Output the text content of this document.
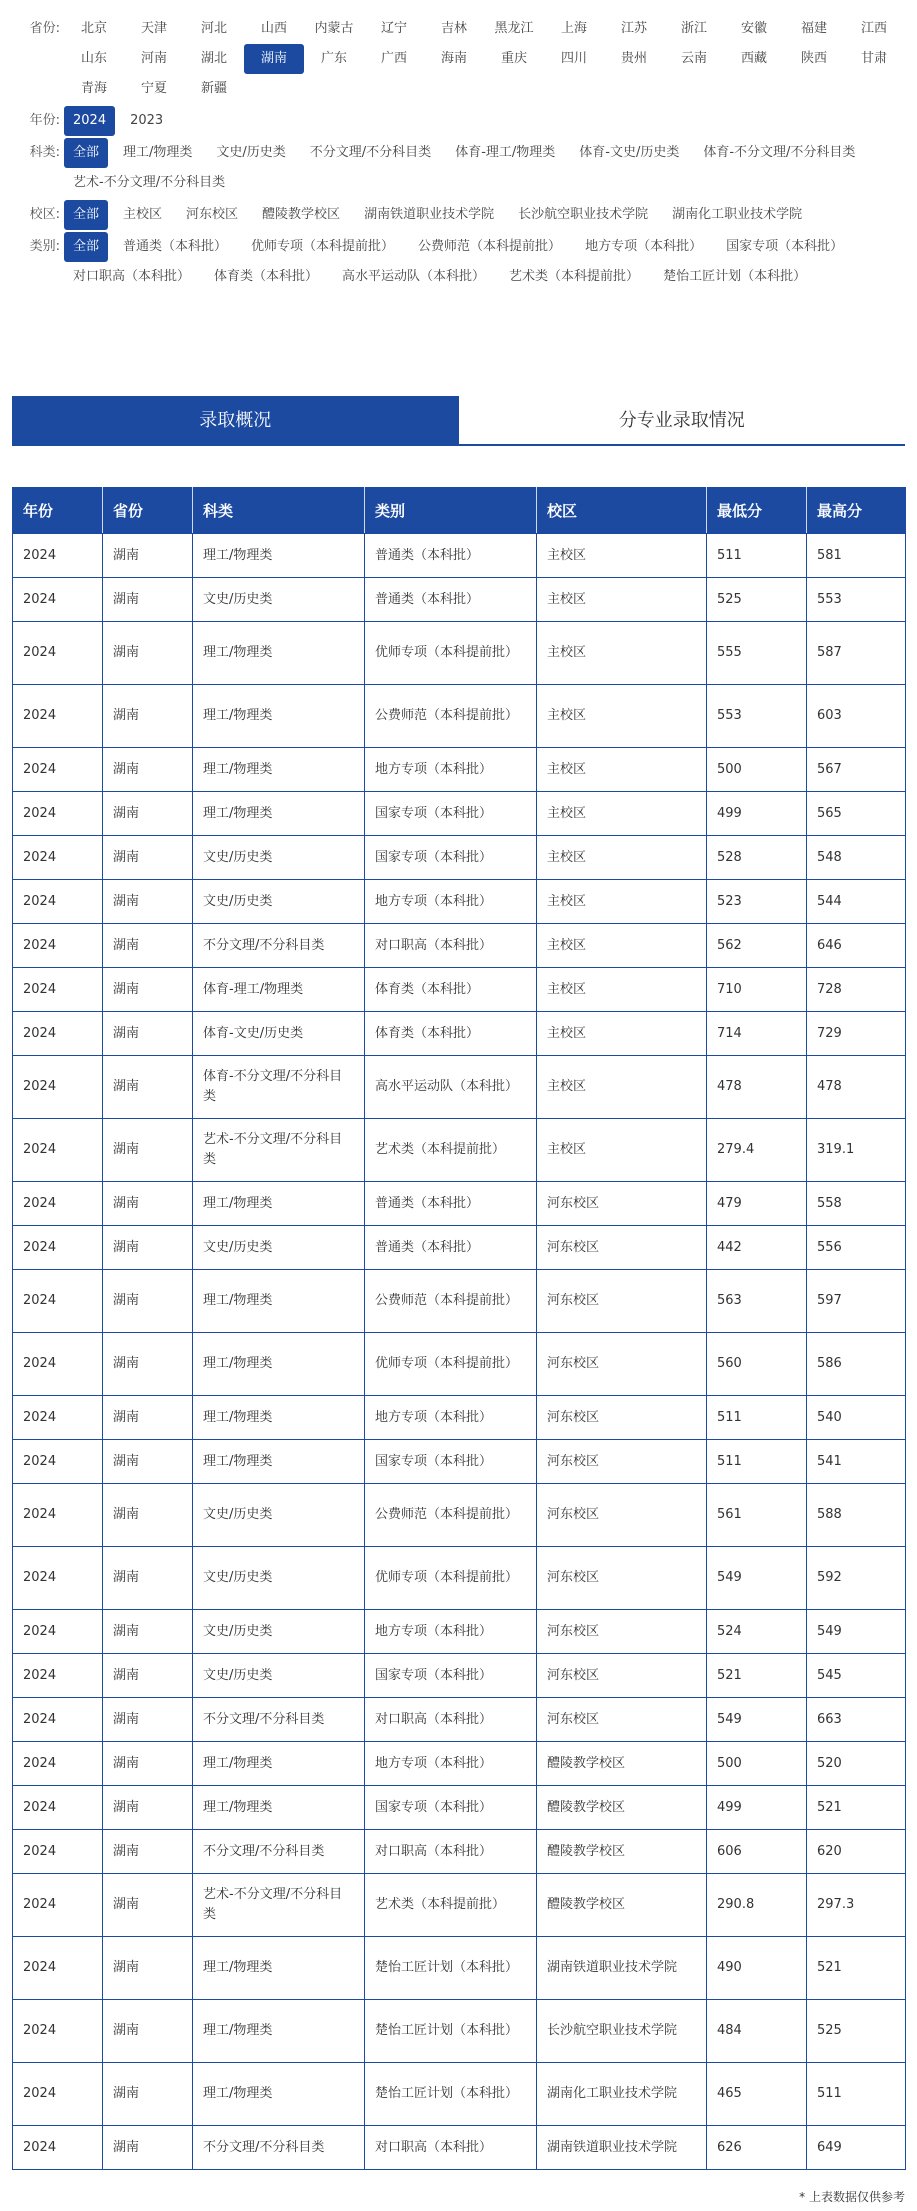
省份:	北京	天津	河北	山西	内蒙古	辽宁	吉林	黑龙江	上海	江苏	浙江	安徽	福建	江西
山东	河南	湖北	湖南	广东	广西	海南	重庆	四川	贵州	云南	西藏	陕西	甘肃
青海	宁夏	新疆
年份:	2024	2023
科类:	全部	理工/物理类	文史/历史类	不分文理/不分科目类	体育-理工/物理类	体育-文史/历史类	体育-不分文理/不分科目类
艺术-不分文理/不分科目类
校区:	全部	主校区	河东校区	醴陵教学校区	湖南铁道职业技术学院	长沙航空职业技术学院	湖南化工职业技术学院
类别:	全部	普通类（本科批）	优师专项（本科提前批）	公费师范（本科提前批）	地方专项（本科批）	国家专项（本科批）
对口职高（本科批）	体育类（本科批）	高水平运动队（本科批）	艺术类（本科提前批）	楚怡工匠计划（本科批）
录取概况	分专业录取情况
年份	省份	科类	类别	校区	最低分	最高分
2024	湖南	理工/物理类	普通类（本科批）	主校区	511	581
2024	湖南	文史/历史类	普通类（本科批）	主校区	525	553
2024	湖南	理工/物理类	优师专项（本科提前批）	主校区	555	587
2024	湖南	理工/物理类	公费师范（本科提前批）	主校区	553	603
2024	湖南	理工/物理类	地方专项（本科批）	主校区	500	567
2024	湖南	理工/物理类	国家专项（本科批）	主校区	499	565
2024	湖南	文史/历史类	国家专项（本科批）	主校区	528	548
2024	湖南	文史/历史类	地方专项（本科批）	主校区	523	544
2024	湖南	不分文理/不分科目类	对口职高（本科批）	主校区	562	646
2024	湖南	体育-理工/物理类	体育类（本科批）	主校区	710	728
2024	湖南	体育-文史/历史类	体育类（本科批）	主校区	714	729
2024	湖南	体育-不分文理/不分科目类	高水平运动队（本科批）	主校区	478	478
2024	湖南	艺术-不分文理/不分科目类	艺术类（本科提前批）	主校区	279.4	319.1
2024	湖南	理工/物理类	普通类（本科批）	河东校区	479	558
2024	湖南	文史/历史类	普通类（本科批）	河东校区	442	556
2024	湖南	理工/物理类	公费师范（本科提前批）	河东校区	563	597
2024	湖南	理工/物理类	优师专项（本科提前批）	河东校区	560	586
2024	湖南	理工/物理类	地方专项（本科批）	河东校区	511	540
2024	湖南	理工/物理类	国家专项（本科批）	河东校区	511	541
2024	湖南	文史/历史类	公费师范（本科提前批）	河东校区	561	588
2024	湖南	文史/历史类	优师专项（本科提前批）	河东校区	549	592
2024	湖南	文史/历史类	地方专项（本科批）	河东校区	524	549
2024	湖南	文史/历史类	国家专项（本科批）	河东校区	521	545
2024	湖南	不分文理/不分科目类	对口职高（本科批）	河东校区	549	663
2024	湖南	理工/物理类	地方专项（本科批）	醴陵教学校区	500	520
2024	湖南	理工/物理类	国家专项（本科批）	醴陵教学校区	499	521
2024	湖南	不分文理/不分科目类	对口职高（本科批）	醴陵教学校区	606	620
2024	湖南	艺术-不分文理/不分科目类	艺术类（本科提前批）	醴陵教学校区	290.8	297.3
2024	湖南	理工/物理类	楚怡工匠计划（本科批）	湖南铁道职业技术学院	490	521
2024	湖南	理工/物理类	楚怡工匠计划（本科批）	长沙航空职业技术学院	484	525
2024	湖南	理工/物理类	楚怡工匠计划（本科批）	湖南化工职业技术学院	465	511
2024	湖南	不分文理/不分科目类	对口职高（本科批）	湖南铁道职业技术学院	626	649
* 上表数据仅供参考
